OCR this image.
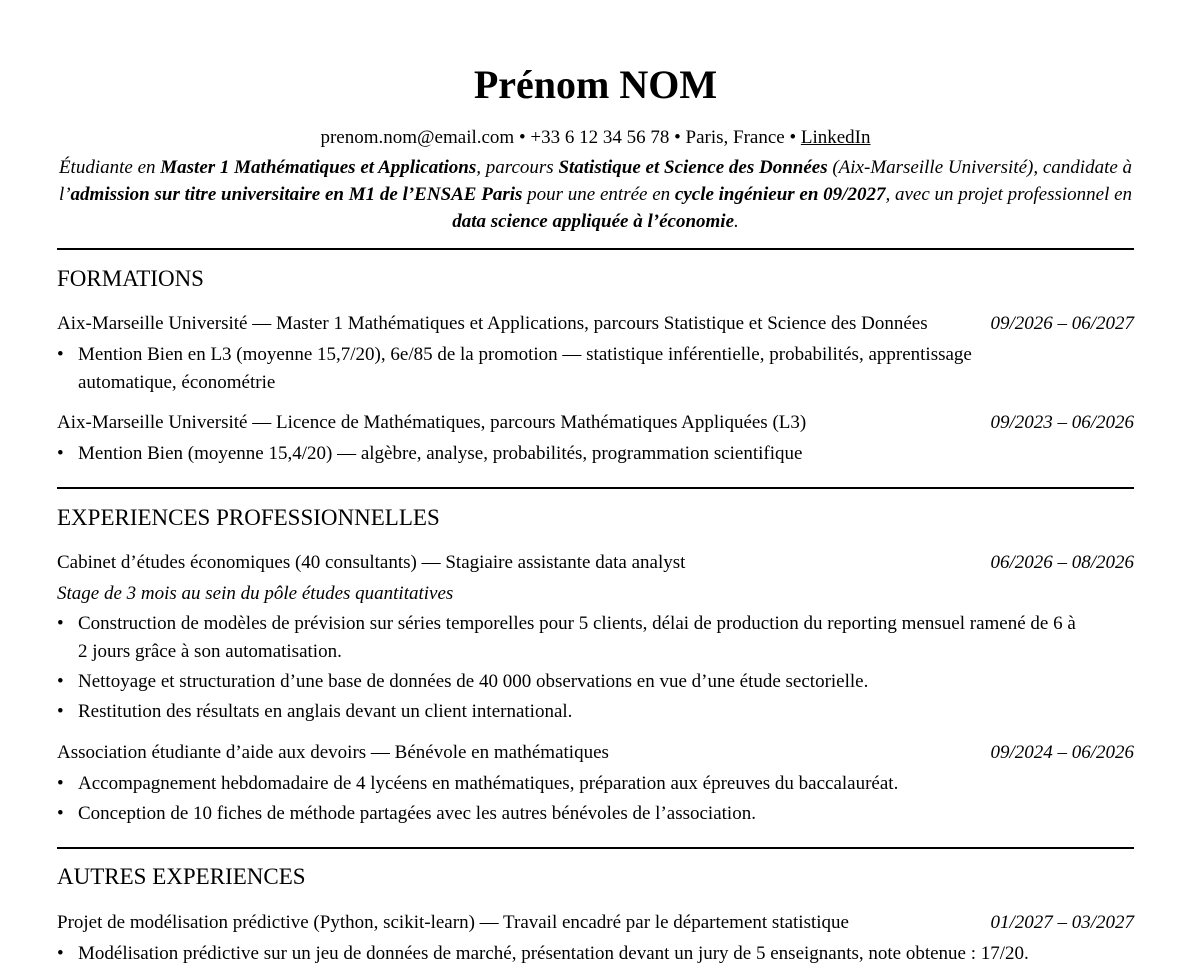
Prénom NOM
prenom.nom@email.com • +33 6 12 34 56 78 • Paris, France • LinkedIn
Étudiante en Master 1 Mathématiques et Applications, parcours Statistique et Science des Données (Aix-Marseille Université), candidate à l’admission sur titre universitaire en M1 de l’ENSAE Paris pour une entrée en cycle ingénieur en 09/2027, avec un projet professionnel en data science appliquée à l’économie.
FORMATIONS
Aix-Marseille Université — Master 1 Mathématiques et Applications, parcours Statistique et Science des Données	09/2026 – 06/2027
• Mention Bien en L3 (moyenne 15,7/20), 6e/85 de la promotion — statistique inférentielle, probabilités, apprentissage automatique, économétrie
Aix-Marseille Université — Licence de Mathématiques, parcours Mathématiques Appliquées (L3)	09/2023 – 06/2026
• Mention Bien (moyenne 15,4/20) — algèbre, analyse, probabilités, programmation scientifique
EXPERIENCES PROFESSIONNELLES
Cabinet d’études économiques (40 consultants) — Stagiaire assistante data analyst	06/2026 – 08/2026
Stage de 3 mois au sein du pôle études quantitatives
• Construction de modèles de prévision sur séries temporelles pour 5 clients, délai de production du reporting mensuel ramené de 6 à 2 jours grâce à son automatisation.
• Nettoyage et structuration d’une base de données de 40 000 observations en vue d’une étude sectorielle.
• Restitution des résultats en anglais devant un client international.
Association étudiante d’aide aux devoirs — Bénévole en mathématiques	09/2024 – 06/2026
• Accompagnement hebdomadaire de 4 lycéens en mathématiques, préparation aux épreuves du baccalauréat.
• Conception de 10 fiches de méthode partagées avec les autres bénévoles de l’association.
AUTRES EXPERIENCES
Projet de modélisation prédictive (Python, scikit-learn) — Travail encadré par le département statistique	01/2027 – 03/2027
• Modélisation prédictive sur un jeu de données de marché, présentation devant un jury de 5 enseignants, note obtenue : 17/20.
